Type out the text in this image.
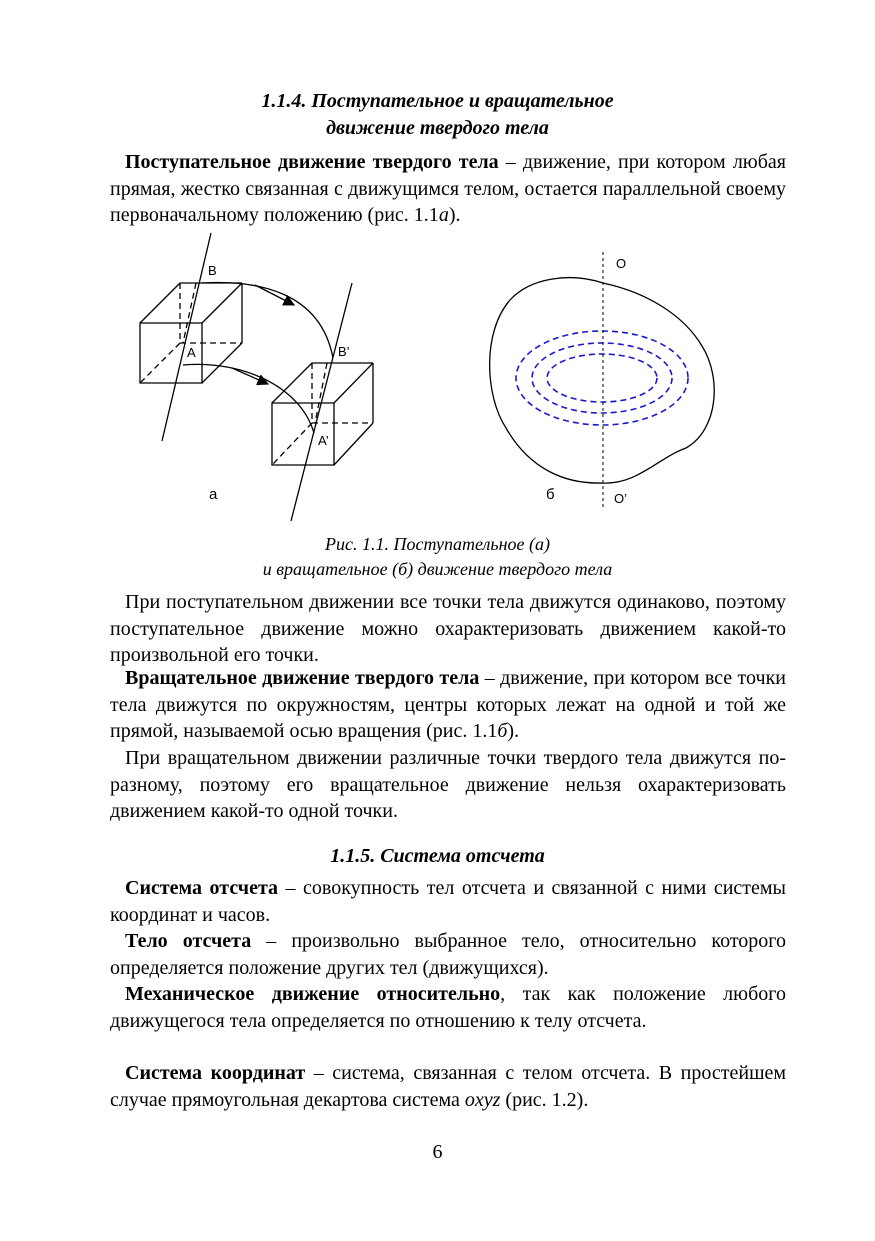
1.1.4. Поступательное и вращательное
движение твердого тела

Поступательное движение твердого тела – движение, при котором любая прямая, жестко связанная с движущимся телом, остается параллельной своему первоначальному положению (рис. 1.1а).

B
A	B’
A’
а
O
O’
б
Рис. 1.1. Поступательное (а)
и вращательное (б) движение твердого тела

При поступательном движении все точки тела движутся одинаково, поэтому поступательное движение можно охарактеризовать движением какой-то произвольной его точки.

Вращательное движение твердого тела – движение, при котором все точки тела движутся по окружностям, центры которых лежат на одной и той же прямой, называемой осью вращения (рис. 1.1б).

При вращательном движении различные точки твердого тела движутся по-разному, поэтому его вращательное движение нельзя охарактеризовать движением какой-то одной точки.

1.1.5. Система отсчета

Система отсчета – совокупность тел отсчета и связанной с ними системы координат и часов.

Тело отсчета – произвольно выбранное тело, относительно которого определяется положение других тел (движущихся).

Механическое движение относительно, так как положение любого движущегося тела определяется по отношению к телу отсчета.

Система координат – система, связанная с телом отсчета. В простейшем случае прямоугольная декартова система oxyz (рис. 1.2).

6
